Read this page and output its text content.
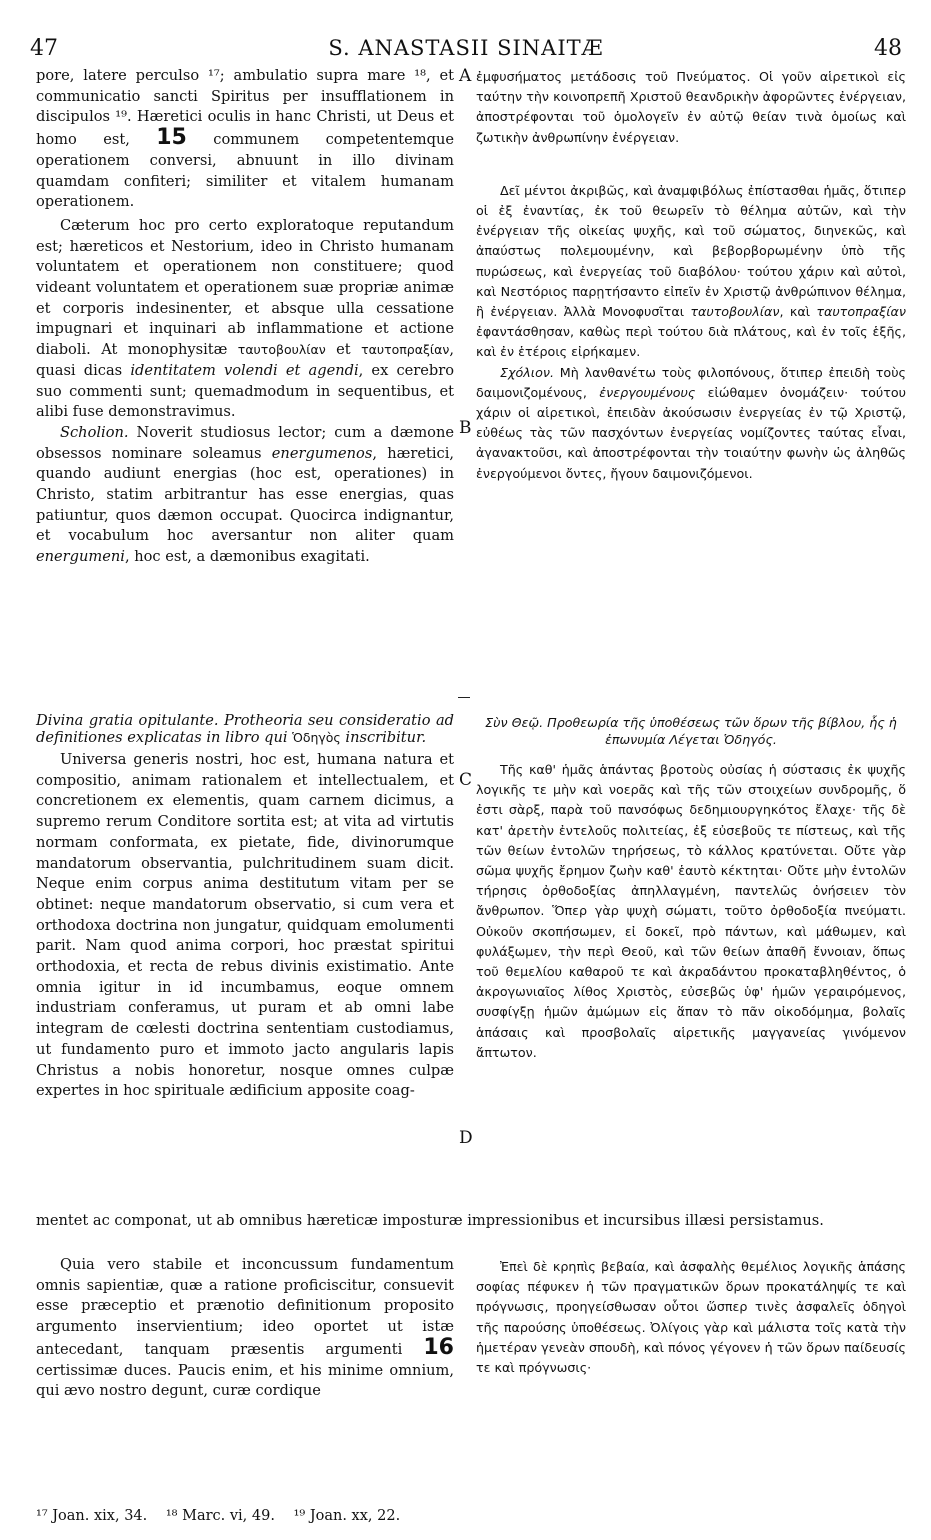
47	S. ANASTASII SINAITÆ	48

pore, latere perculso ¹⁷; ambulatio supra mare ¹⁸, et communicatio sancti Spiritus per insufflationem in discipulos ¹⁹. Hæretici oculis in hanc Christi, ut Deus et homo est, 15 communem competentemque operationem conversi, abnuunt in illo divinam quamdam confiteri; similiter et vitalem humanam operationem.

Cæterum hoc pro certo exploratoque reputandum est; hæreticos et Nestorium, ideo in Christo humanam voluntatem et operationem non constituere; quod videant voluntatem et operationem suæ propriæ animæ et corporis indesinenter, et absque ulla cessatione impugnari et inquinari ab inflammatione et actione diaboli. At monophysitæ ταυτοβουλίαν et ταυτοπραξίαν, quasi dicas identitatem volendi et agendi, ex cerebro suo commenti sunt; quemadmodum in sequentibus, et alibi fuse demonstravimus.

Scholion. Noverit studiosus lector; cum a dæmone obsessos nominare soleamus energumenos, hæretici, quando audiunt energias (hoc est, operationes) in Christo, statim arbitrantur has esse energias, quas patiuntur, quos dæmon occupat. Quocirca indignantur, et vocabulum hoc aversantur non aliter quam energumeni, hoc est, a dæmonibus exagitati.

ἐμφυσήματος μετάδοσις τοῦ Πνεύματος. Οἱ γοῦν αἱρετικοὶ εἰς ταύτην τὴν κοινοπρεπῆ Χριστοῦ θεανδρικὴν ἀφορῶντες ἐνέργειαν, ἀποστρέφονται τοῦ ὁμολογεῖν ἐν αὐτῷ θείαν τινὰ ὁμοίως καὶ ζωτικὴν ἀνθρωπίνην ἐνέργειαν.

Δεῖ μέντοι ἀκριβῶς, καὶ ἀναμφιβόλως ἐπίστασθαι ἡμᾶς, ὅτιπερ οἱ ἐξ ἐναντίας, ἐκ τοῦ θεωρεῖν τὸ θέλημα αὐτῶν, καὶ τὴν ἐνέργειαν τῆς οἰκείας ψυχῆς, καὶ τοῦ σώματος, διηνεκῶς, καὶ ἀπαύστως πολεμουμένην, καὶ βεβορβορωμένην ὑπὸ τῆς πυρώσεως, καὶ ἐνεργείας τοῦ διαβόλου· τούτου χάριν καὶ αὐτοὶ, καὶ Νεστόριος παρῃτήσαντο εἰπεῖν ἐν Χριστῷ ἀνθρώπινον θέλημα, ἢ ἐνέργειαν. Ἀλλὰ Μονοφυσῖται ταυτοβουλίαν, καὶ ταυτοπραξίαν ἐφαντάσθησαν, καθὼς περὶ τούτου διὰ πλάτους, καὶ ἐν τοῖς ἑξῆς, καὶ ἐν ἑτέροις εἰρήκαμεν.

Σχόλιον. Μὴ λανθανέτω τοὺς φιλοπόνους, ὅτιπερ ἐπειδὴ τοὺς δαιμονιζομένους, ἐνεργουμένους εἰώθαμεν ὀνομάζειν· τούτου χάριν οἱ αἱρετικοὶ, ἐπειδὰν ἀκούσωσιν ἐνεργείας ἐν τῷ Χριστῷ, εὐθέως τὰς τῶν πασχόντων ἐνεργείας νομίζοντες ταύτας εἶναι, ἀγανακτοῦσι, καὶ ἀποστρέφονται τὴν τοιαύτην φωνὴν ὡς ἀληθῶς ἐνεργούμενοι ὄντες, ἤγουν δαιμονιζόμενοι.

Divina gratia opitulante. Protheoria seu consideratio ad definitiones explicatas in libro qui Ὁδηγὸς inscribitur.

Universa generis nostri, hoc est, humana natura et compositio, animam rationalem et intellectualem, et concretionem ex elementis, quam carnem dicimus, a supremo rerum Conditore sortita est; at vita ad virtutis normam conformata, ex pietate, fide, divinorumque mandatorum observantia, pulchritudinem suam dicit. Neque enim corpus anima destitutum vitam per se obtinet: neque mandatorum observatio, si cum vera et orthodoxa doctrina non jungatur, quidquam emolumenti parit. Nam quod anima corpori, hoc præstat spiritui orthodoxia, et recta de rebus divinis existimatio. Ante omnia igitur in id incumbamus, eoque omnem industriam conferamus, ut puram et ab omni labe integram de cœlesti doctrina sententiam custodiamus, ut fundamento puro et immoto jacto angularis lapis Christus a nobis honoretur, nosque omnes culpæ expertes in hoc spirituale ædificium apposite coag-

Σὺν Θεῷ. Προθεωρία τῆς ὑποθέσεως τῶν ὅρων τῆς βίβλου, ἧς ἡ ἐπωνυμία Λέγεται Ὁδηγός.

Τῆς καθ' ἡμᾶς ἁπάντας βροτοὺς οὐσίας ἡ σύστασις ἐκ ψυχῆς λογικῆς τε μὴν καὶ νοερᾶς καὶ τῆς τῶν στοιχείων συνδρομῆς, ὅ ἐστι σὰρξ, παρὰ τοῦ πανσόφως δεδημιουργηκότος ἔλαχε· τῆς δὲ κατ' ἀρετὴν ἐντελοῦς πολιτείας, ἐξ εὐσεβοῦς τε πίστεως, καὶ τῆς τῶν θείων ἐντολῶν τηρήσεως, τὸ κάλλος κρατύνεται. Οὔτε γὰρ σῶμα ψυχῆς ἔρημον ζωὴν καθ' ἑαυτὸ κέκτηται· Οὔτε μὴν ἐντολῶν τήρησις ὀρθοδοξίας ἀπηλλαγμένη, παντελῶς ὀνήσειεν τὸν ἄνθρωπον. Ὅπερ γὰρ ψυχὴ σώματι, τοῦτο ὀρθοδοξία πνεύματι. Οὐκοῦν σκοπήσωμεν, εἰ δοκεῖ, πρὸ πάντων, καὶ μάθωμεν, καὶ φυλάξωμεν, τὴν περὶ Θεοῦ, καὶ τῶν θείων ἀπαθῆ ἔννοιαν, ὅπως τοῦ θεμελίου καθαροῦ τε καὶ ἀκραδάντου προκαταβληθέντος, ὁ ἀκρογωνιαῖος λίθος Χριστὸς, εὐσεβῶς ὑφ' ἡμῶν γεραιρόμενος, συσφίγξῃ ἡμῶν ἀμώμων εἰς ἅπαν τὸ πᾶν οἰκοδόμημα, βολαῖς ἁπάσαις καὶ προσβολαῖς αἱρετικῆς μαγγανείας γινόμενον ἄπτωτον.

mentet ac componat, ut ab omnibus hæreticæ imposturæ impressionibus et incursibus illæsi persistamus.

Quia vero stabile et inconcussum fundamentum omnis sapientiæ, quæ a ratione proficiscitur, consuevit esse præceptio et prænotio definitionum proposito argumento inservientium; ideo oportet ut istæ antecedant, tanquam præsentis argumenti 16 certissimæ duces. Paucis enim, et his minime omnium, qui ævo nostro degunt, curæ cordique

Ἐπεὶ δὲ κρηπὶς βεβαία, καὶ ἀσφαλὴς θεμέλιος λογικῆς ἁπάσης σοφίας πέφυκεν ἡ τῶν πραγματικῶν ὅρων προκατάληψίς τε καὶ πρόγνωσις, προηγείσθωσαν οὗτοι ὥσπερ τινὲς ἀσφαλεῖς ὁδηγοὶ τῆς παρούσης ὑποθέσεως. Ὀλίγοις γὰρ καὶ μάλιστα τοῖς κατὰ τὴν ἡμετέραν γενεὰν σπουδὴ, καὶ πόνος γέγονεν ἡ τῶν ὅρων παίδευσίς τε καὶ πρόγνωσις·

A
B
C
D
¹⁷ Joan. xix, 34. ¹⁸ Marc. vi, 49. ¹⁹ Joan. xx, 22.
